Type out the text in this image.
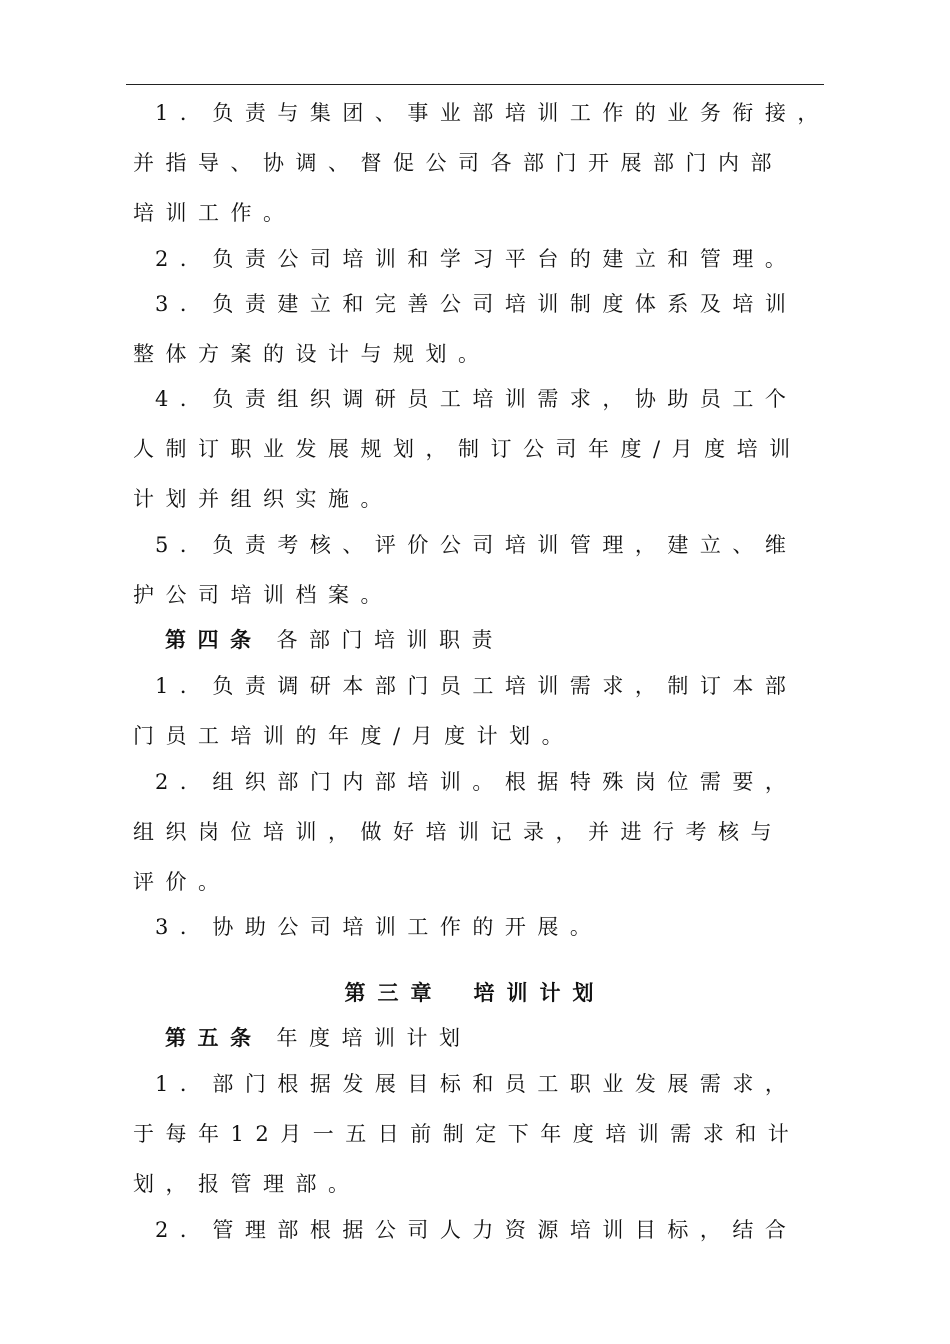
1．负责与集团、事业部培训工作的业务衔接，
并指导、协调、督促公司各部门开展部门内部
培训工作。
2．负责公司培训和学习平台的建立和管理。
3．负责建立和完善公司培训制度体系及培训
整体方案的设计与规划。
4．负责组织调研员工培训需求，协助员工个
人制订职业发展规划，制订公司年度/月度培训
计划并组织实施。
5．负责考核、评价公司培训管理，建立、维
护公司培训档案。
第四条 各部门培训职责
1．负责调研本部门员工培训需求，制订本部
门员工培训的年度/月度计划。
2．组织部门内部培训。根据特殊岗位需要，
组织岗位培训，做好培训记录，并进行考核与
评价。
3．协助公司培训工作的开展。
第三章 培训计划
第五条 年度培训计划
1．部门根据发展目标和员工职业发展需求，
于每年12月一五日前制定下年度培训需求和计
划，报管理部。
2．管理部根据公司人力资源培训目标，结合
